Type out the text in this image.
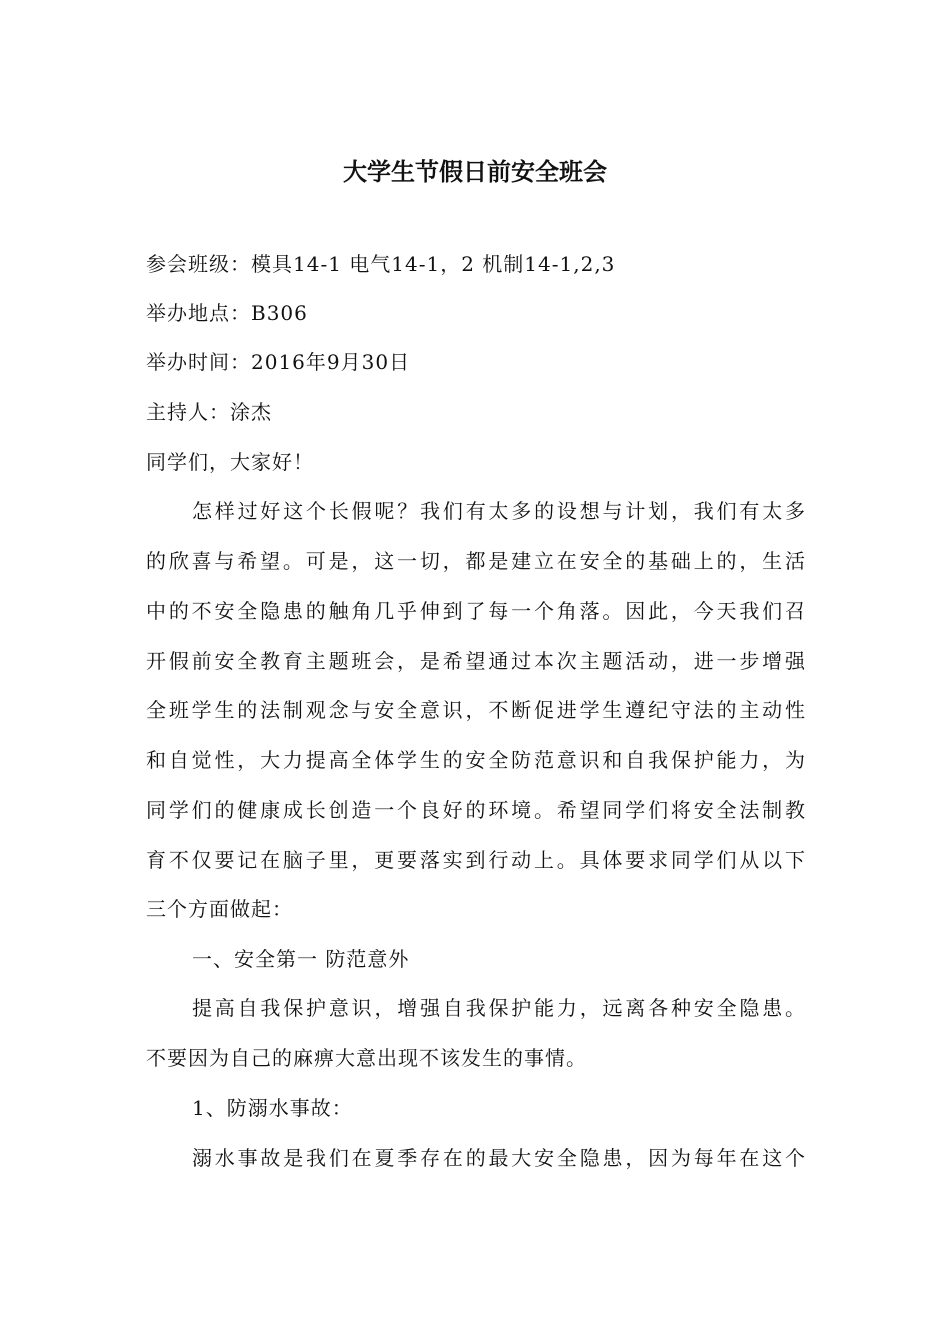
大学生节假日前安全班会
参会班级：模具14-1 电气14-1，2 机制14-1,2,3
举办地点：B306
举办时间：2016年9月30日
主持人：涂杰
同学们，大家好！
怎样过好这个长假呢？我们有太多的设想与计划，我们有太多
的欣喜与希望。可是，这一切，都是建立在安全的基础上的，生活
中的不安全隐患的触角几乎伸到了每一个角落。因此，今天我们召
开假前安全教育主题班会，是希望通过本次主题活动，进一步增强
全班学生的法制观念与安全意识，不断促进学生遵纪守法的主动性
和自觉性，大力提高全体学生的安全防范意识和自我保护能力，为
同学们的健康成长创造一个良好的环境。希望同学们将安全法制教
育不仅要记在脑子里，更要落实到行动上。具体要求同学们从以下
三个方面做起：
一、安全第一 防范意外
提高自我保护意识，增强自我保护能力，远离各种安全隐患。
不要因为自己的麻痹大意出现不该发生的事情。
1、防溺水事故：
溺水事故是我们在夏季存在的最大安全隐患，因为每年在这个
